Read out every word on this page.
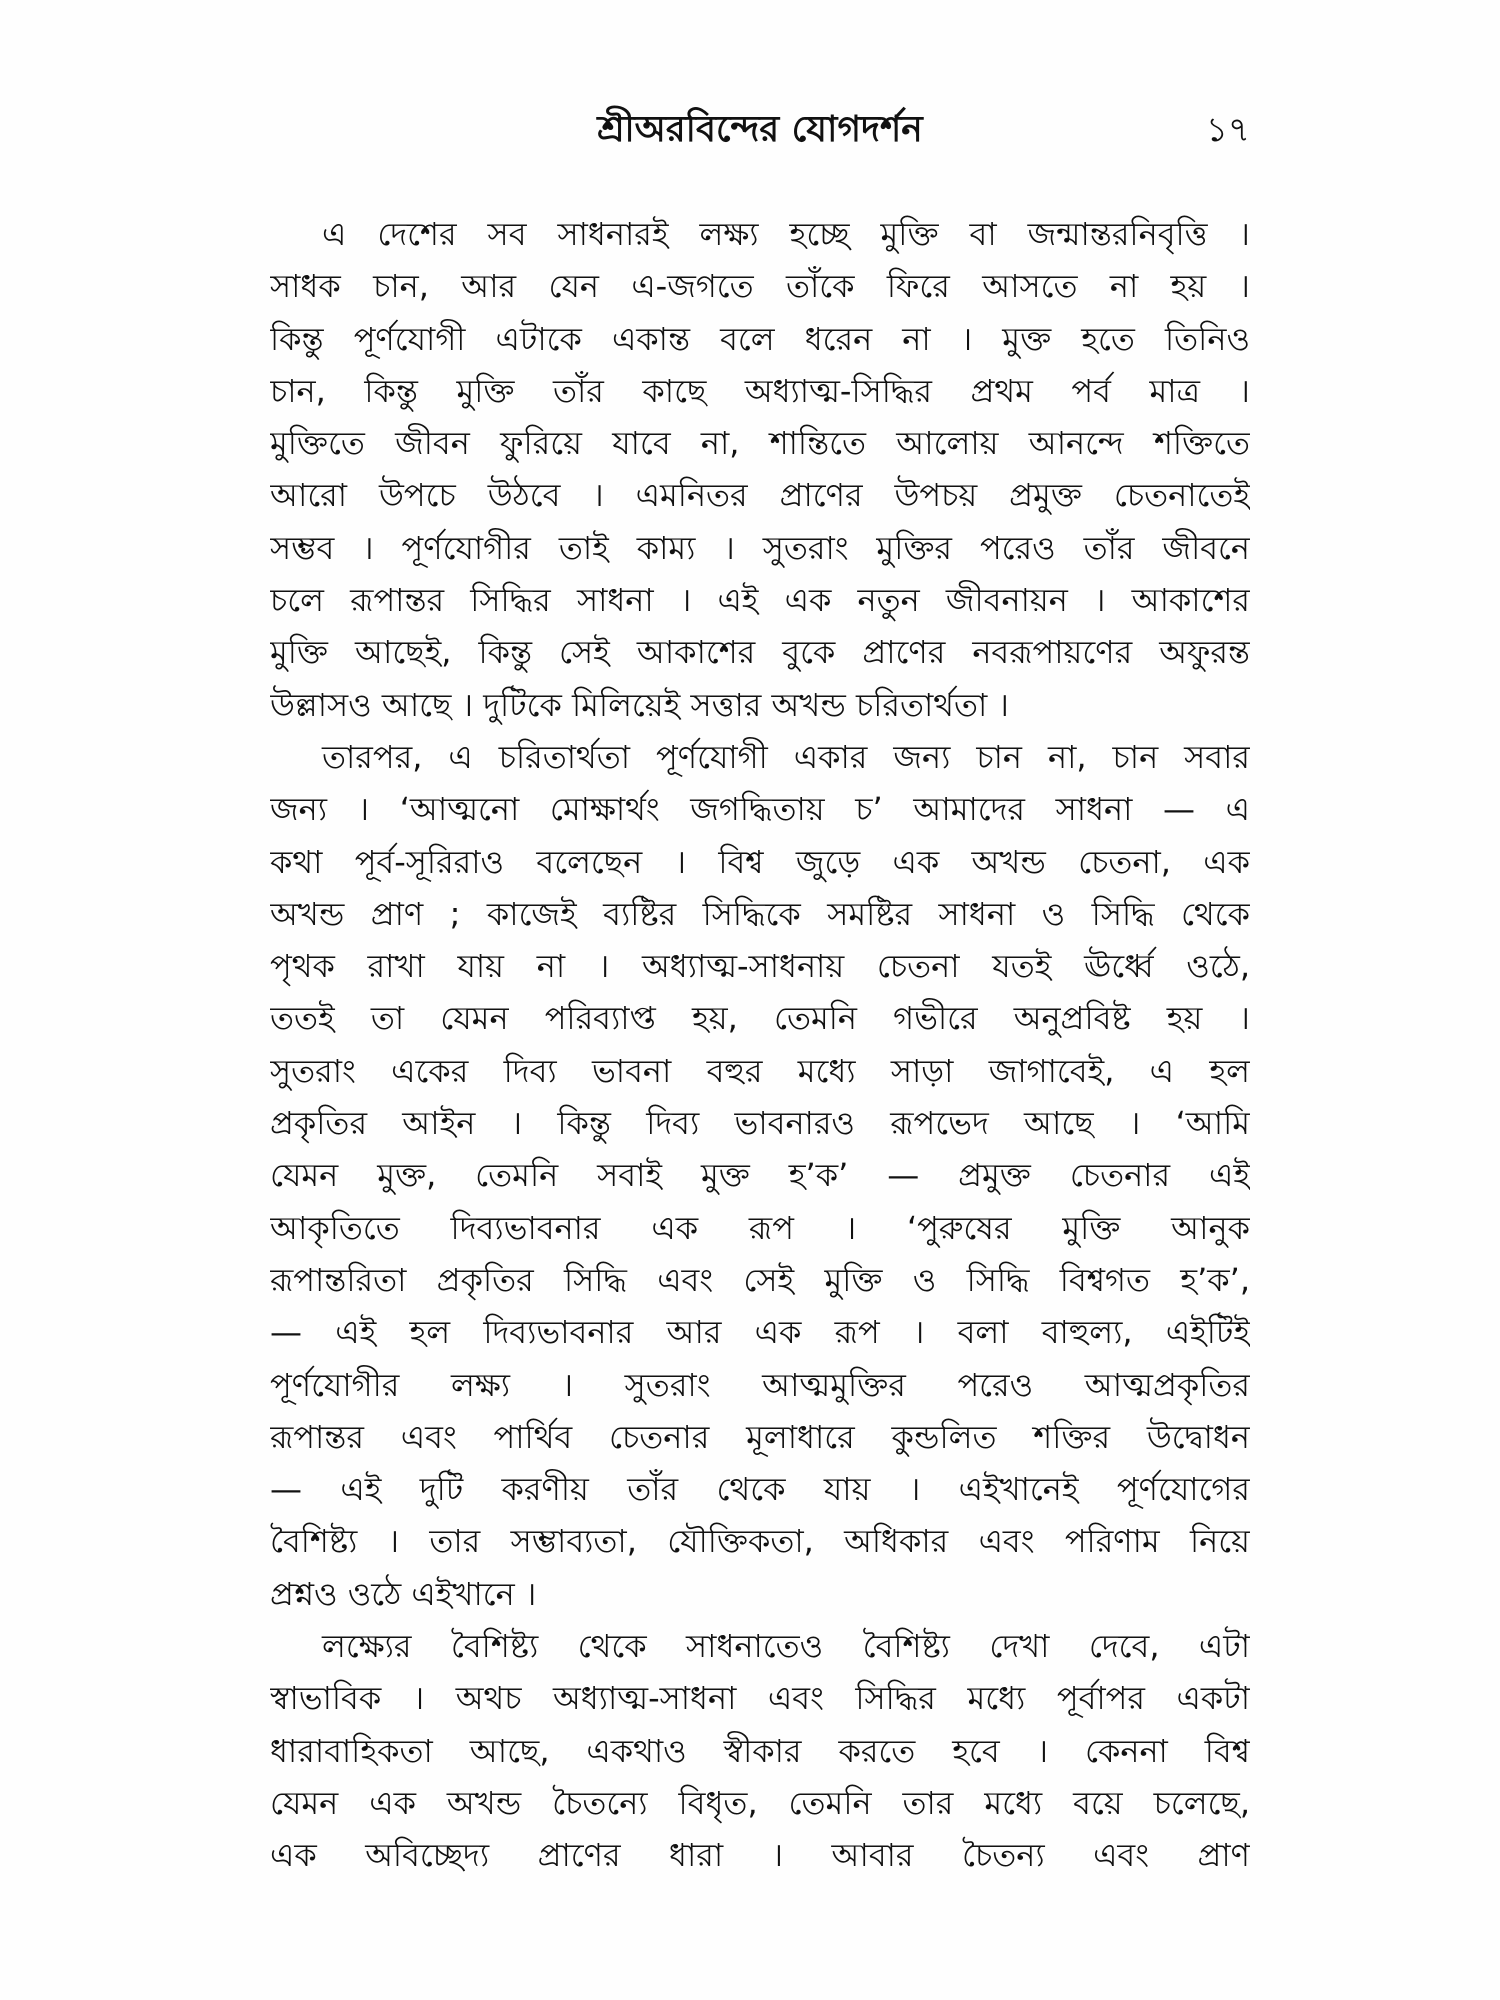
শ্রীঅরবিন্দের যোগদর্শন	১৭
এ দেশের সব সাধনারই লক্ষ্য হচ্ছে মুক্তি বা জন্মান্তরনিবৃত্তি ।
সাধক চান, আর যেন এ-জগতে তাঁকে ফিরে আসতে না হয় ।
কিন্তু পূর্ণযোগী এটাকে একান্ত বলে ধরেন না । মুক্ত হতে তিনিও
চান, কিন্তু মুক্তি তাঁর কাছে অধ্যাত্ম-সিদ্ধির প্রথম পর্ব মাত্র ।
মুক্তিতে জীবন ফুরিয়ে যাবে না, শান্তিতে আলোয় আনন্দে শক্তিতে
আরো উপচে উঠবে । এমনিতর প্রাণের উপচয় প্রমুক্ত চেতনাতেই
সম্ভব । পূর্ণযোগীর তাই কাম্য । সুতরাং মুক্তির পরেও তাঁর জীবনে
চলে রূপান্তর সিদ্ধির সাধনা । এই এক নতুন জীবনায়ন । আকাশের
মুক্তি আছেই, কিন্তু সেই আকাশের বুকে প্রাণের নবরূপায়ণের অফুরন্ত
উল্লাসও আছে । দুটিকে মিলিয়েই সত্তার অখন্ড চরিতার্থতা ।
তারপর, এ চরিতার্থতা পূর্ণযোগী একার জন্য চান না, চান সবার
জন্য । ‘আত্মনো মোক্ষার্থং জগদ্ধিতায় চ’ আমাদের সাধনা — এ
কথা পূর্ব-সূরিরাও বলেছেন । বিশ্ব জুড়ে এক অখন্ড চেতনা, এক
অখন্ড প্রাণ ; কাজেই ব্যষ্টির সিদ্ধিকে সমষ্টির সাধনা ও সিদ্ধি থেকে
পৃথক রাখা যায় না । অধ্যাত্ম-সাধনায় চেতনা যতই ঊর্ধ্বে ওঠে,
ততই তা যেমন পরিব্যাপ্ত হয়, তেমনি গভীরে অনুপ্রবিষ্ট হয় ।
সুতরাং একের দিব্য ভাবনা বহুর মধ্যে সাড়া জাগাবেই, এ হল
প্রকৃতির আইন । কিন্তু দিব্য ভাবনারও রূপভেদ আছে । ‘আমি
যেমন মুক্ত, তেমনি সবাই মুক্ত হ’ক’ — প্রমুক্ত চেতনার এই
আকৃতিতে দিব্যভাবনার এক রূপ । ‘পুরুষের মুক্তি আনুক
রূপান্তরিতা প্রকৃতির সিদ্ধি এবং সেই মুক্তি ও সিদ্ধি বিশ্বগত হ’ক’,
— এই হল দিব্যভাবনার আর এক রূপ । বলা বাহুল্য, এইটিই
পূর্ণযোগীর লক্ষ্য । সুতরাং আত্মমুক্তির পরেও আত্মপ্রকৃতির
রূপান্তর এবং পার্থিব চেতনার মূলাধারে কুন্ডলিত শক্তির উদ্বোধন
— এই দুটি করণীয় তাঁর থেকে যায় । এইখানেই পূর্ণযোগের
বৈশিষ্ট্য । তার সম্ভাব্যতা, যৌক্তিকতা, অধিকার এবং পরিণাম নিয়ে
প্রশ্নও ওঠে এইখানে ।
লক্ষ্যের বৈশিষ্ট্য থেকে সাধনাতেও বৈশিষ্ট্য দেখা দেবে, এটা
স্বাভাবিক । অথচ অধ্যাত্ম-সাধনা এবং সিদ্ধির মধ্যে পূর্বাপর একটা
ধারাবাহিকতা আছে, একথাও স্বীকার করতে হবে । কেননা বিশ্ব
যেমন এক অখন্ড চৈতন্যে বিধৃত, তেমনি তার মধ্যে বয়ে চলেছে,
এক অবিচ্ছেদ্য প্রাণের ধারা । আবার চৈতন্য এবং প্রাণ
